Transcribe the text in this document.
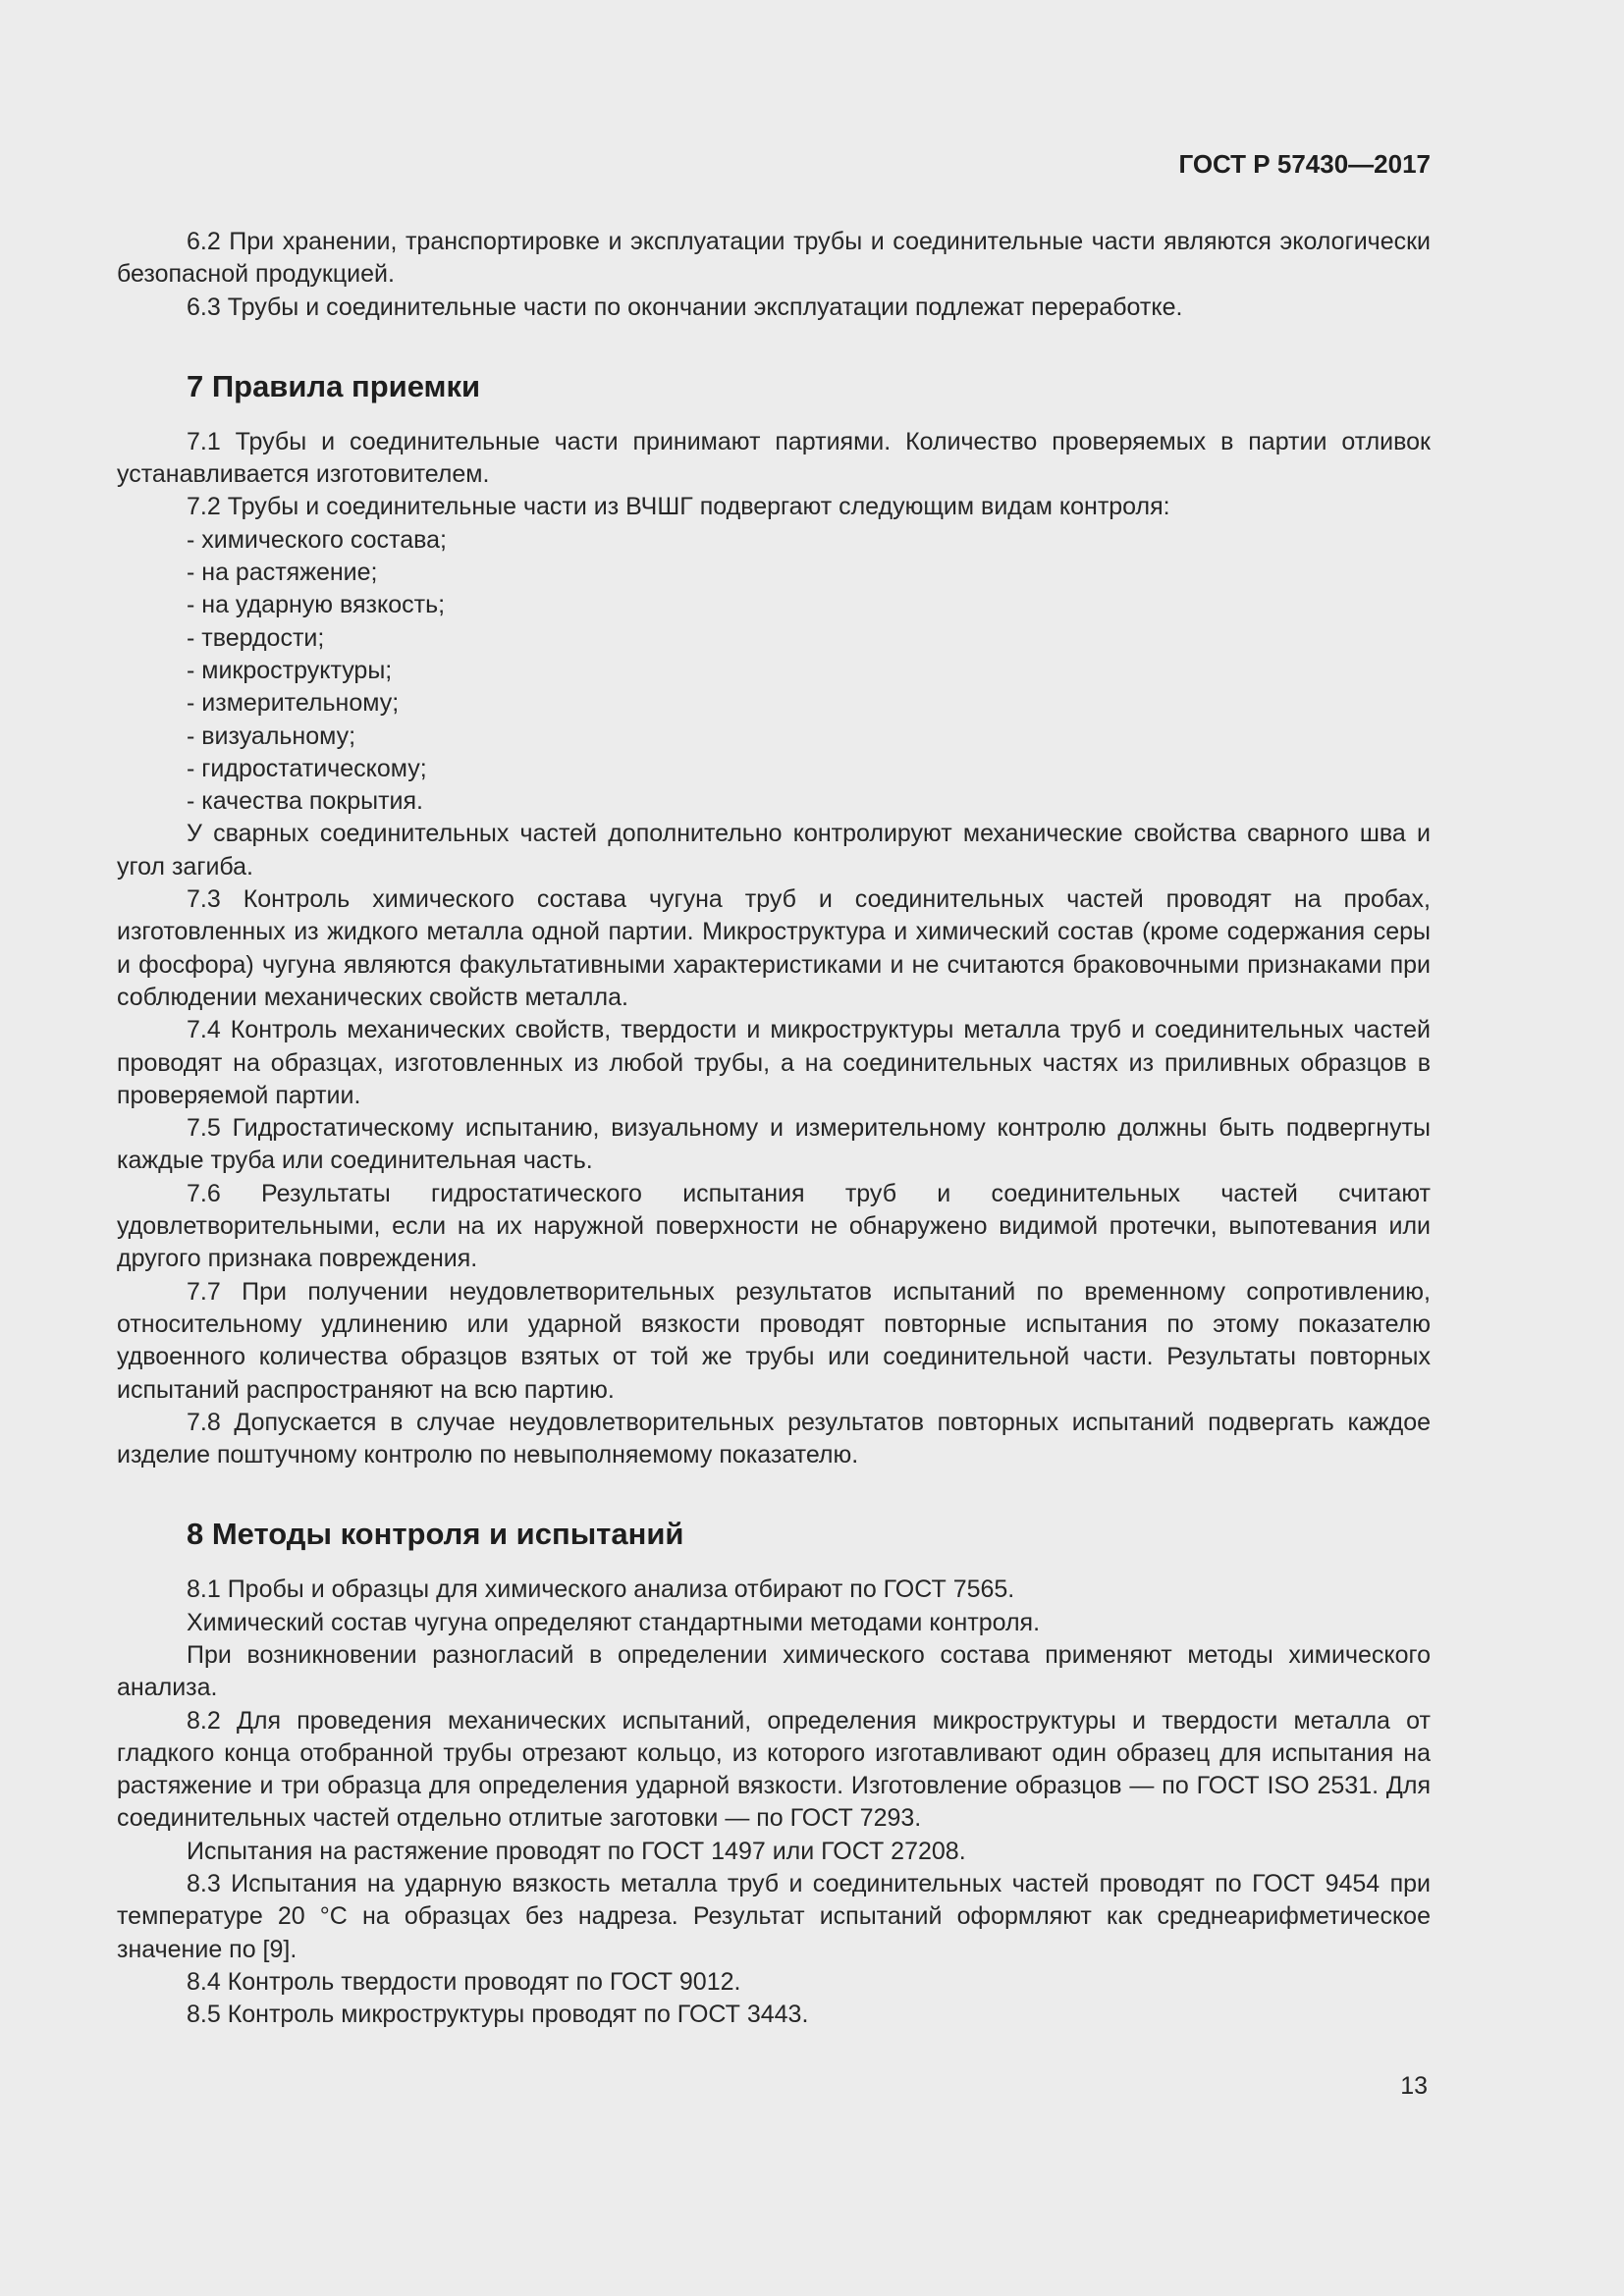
ГОСТ Р 57430—2017

6.2 При хранении, транспортировке и эксплуатации трубы и соединительные части являются экологически безопасной продукцией.

6.3 Трубы и соединительные части по окончании эксплуатации подлежат переработке.

7 Правила приемки

7.1 Трубы и соединительные части принимают партиями. Количество проверяемых в партии отливок устанавливается изготовителем.

7.2 Трубы и соединительные части из ВЧШГ подвергают следующим видам контроля:

- химического состава;

- на растяжение;

- на ударную вязкость;

- твердости;

- микроструктуры;

- измерительному;

- визуальному;

- гидростатическому;

- качества покрытия.

У сварных соединительных частей дополнительно контролируют механические свойства сварного шва и угол загиба.

7.3 Контроль химического состава чугуна труб и соединительных частей проводят на пробах, изготовленных из жидкого металла одной партии. Микроструктура и химический состав (кроме содержания серы и фосфора) чугуна являются факультативными характеристиками и не считаются браковочными признаками при соблюдении механических свойств металла.

7.4 Контроль механических свойств, твердости и микроструктуры металла труб и соединительных частей проводят на образцах, изготовленных из любой трубы, а на соединительных частях из приливных образцов в проверяемой партии.

7.5 Гидростатическому испытанию, визуальному и измерительному контролю должны быть подвергнуты каждые труба или соединительная часть.

7.6 Результаты гидростатического испытания труб и соединительных частей считают удовлетворительными, если на их наружной поверхности не обнаружено видимой протечки, выпотевания или другого признака повреждения.

7.7 При получении неудовлетворительных результатов испытаний по временному сопротивлению, относительному удлинению или ударной вязкости проводят повторные испытания по этому показателю удвоенного количества образцов взятых от той же трубы или соединительной части. Результаты повторных испытаний распространяют на всю партию.

7.8 Допускается в случае неудовлетворительных результатов повторных испытаний подвергать каждое изделие поштучному контролю по невыполняемому показателю.

8 Методы контроля и испытаний

8.1 Пробы и образцы для химического анализа отбирают по ГОСТ 7565.

Химический состав чугуна определяют стандартными методами контроля.

При возникновении разногласий в определении химического состава применяют методы химического анализа.

8.2 Для проведения механических испытаний, определения микроструктуры и твердости металла от гладкого конца отобранной трубы отрезают кольцо, из которого изготавливают один образец для испытания на растяжение и три образца для определения ударной вязкости. Изготовление образцов — по ГОСТ ISO 2531. Для соединительных частей отдельно отлитые заготовки — по ГОСТ 7293.

Испытания на растяжение проводят по ГОСТ 1497 или ГОСТ 27208.

8.3 Испытания на ударную вязкость металла труб и соединительных частей проводят по ГОСТ 9454 при температуре 20 °С на образцах без надреза. Результат испытаний оформляют как среднеарифметическое значение по [9].

8.4 Контроль твердости проводят по ГОСТ 9012.

8.5 Контроль микроструктуры проводят по ГОСТ 3443.

13
